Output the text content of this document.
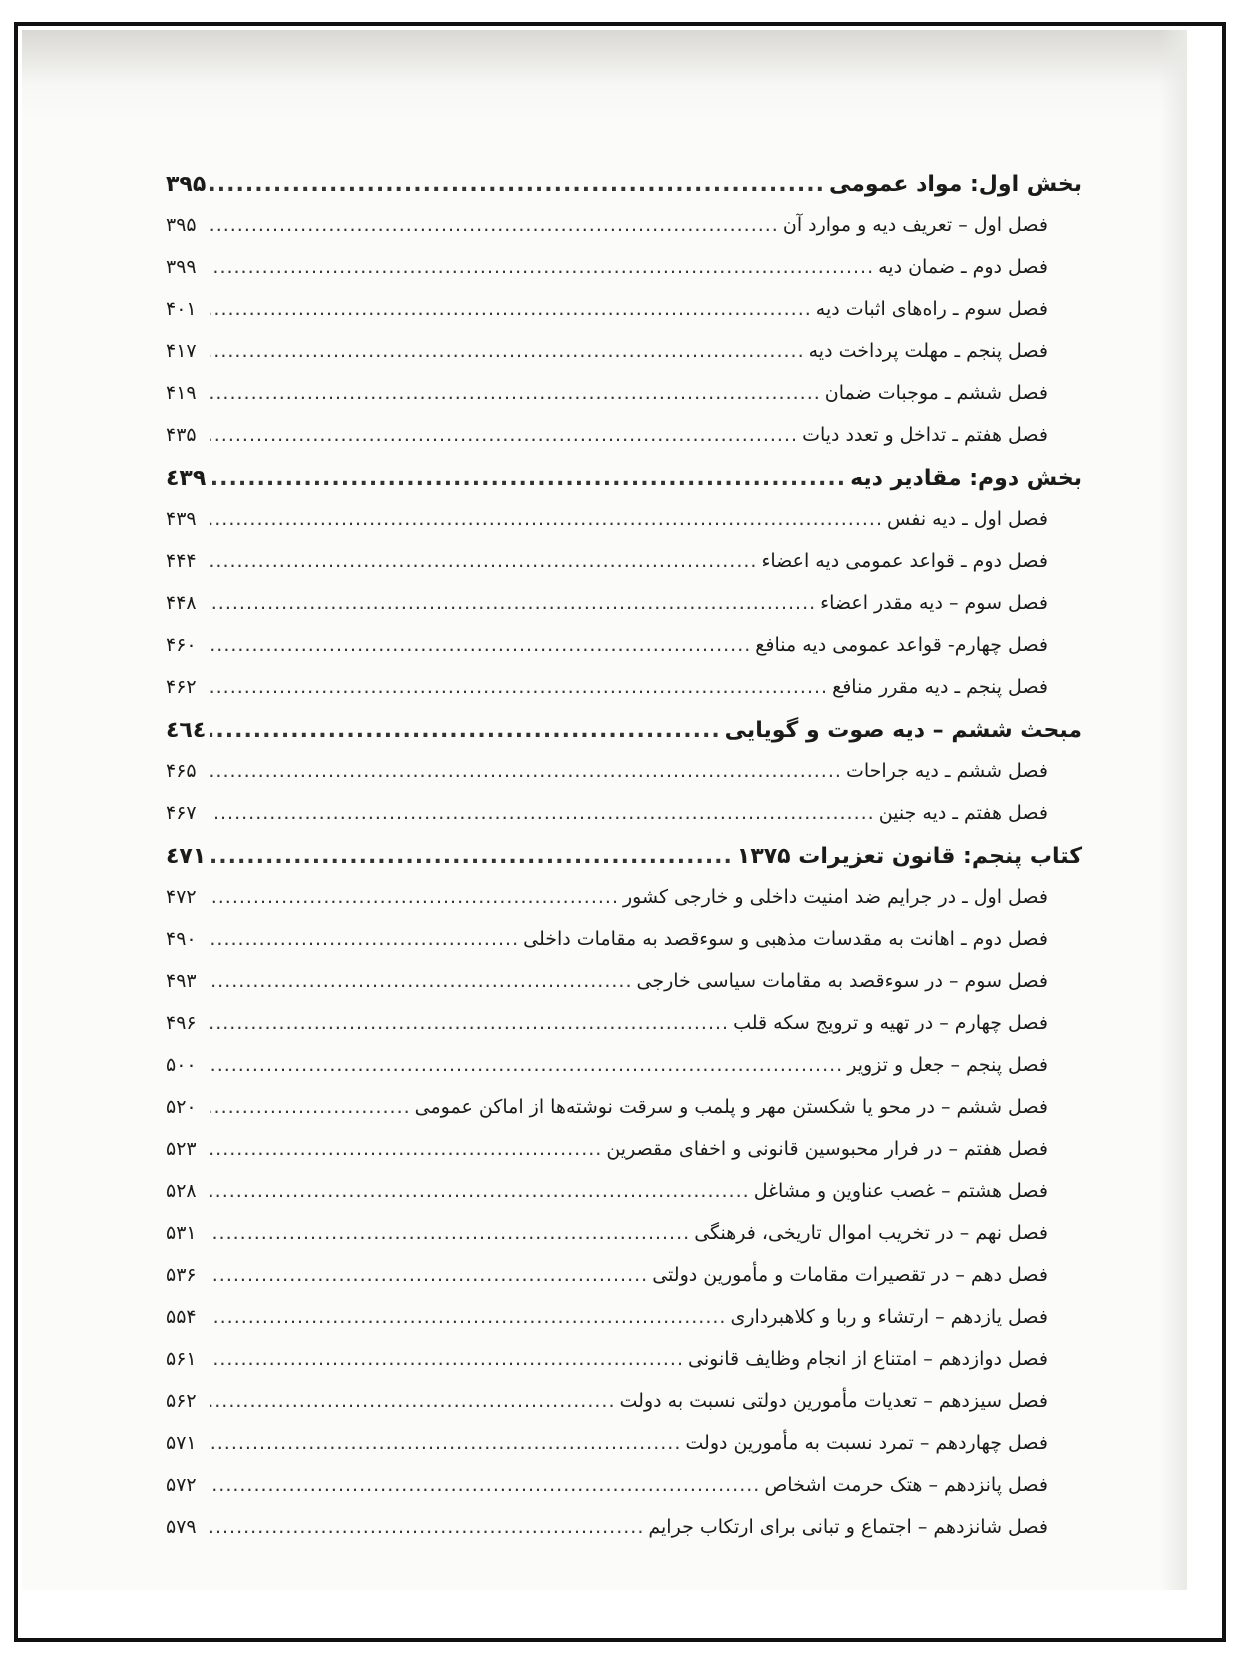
بخش اول: مواد عمومی
.....
۳۹۵
فصل اول – تعریف دیه و موارد آن
.....
۳۹۵
فصل دوم ـ ضمان دیه
.....
۳۹۹
فصل سوم ـ راه‌های اثبات دیه
.....
۴۰۱
فصل پنجم ـ مهلت پرداخت دیه
.....
۴۱۷
فصل ششم ـ موجبات ضمان
.....
۴۱۹
فصل هفتم ـ تداخل و تعدد دیات
.....
۴۳۵
بخش دوم: مقادیر دیه
.....
٤٣٩
فصل اول ـ دیه نفس
.....
۴۳۹
فصل دوم ـ قواعد عمومی دیه اعضاء
.....
۴۴۴
فصل سوم – دیه مقدر اعضاء
.....
۴۴۸
فصل چهارم- قواعد عمومی دیه منافع
.....
۴۶۰
فصل پنجم ـ دیه مقرر منافع
.....
۴۶۲
مبحث ششم – دیه صوت و گویایی
.....
٤٦٤
فصل ششم ـ دیه جراحات
.....
۴۶۵
فصل هفتم ـ دیه جنین
.....
۴۶۷
کتاب پنجم: قانون تعزیرات ۱۳۷۵
.....
٤٧١
فصل اول ـ در جرایم ضد امنیت داخلی و خارجی کشور
.....
۴۷۲
فصل دوم ـ اهانت به مقدسات مذهبی و سوءقصد به مقامات داخلی
.....
۴۹۰
فصل سوم – در سوءقصد به مقامات سیاسی خارجی
.....
۴۹۳
فصل چهارم – در تهیه و ترویج سکه قلب
.....
۴۹۶
فصل پنجم – جعل و تزویر
.....
۵۰۰
فصل ششم – در محو یا شکستن مهر و پلمب و سرقت نوشته‌ها از اماکن عمومی
.....
۵۲۰
فصل هفتم – در فرار محبوسین قانونی و اخفای مقصرین
.....
۵۲۳
فصل هشتم – غصب عناوین و مشاغل
.....
۵۲۸
فصل نهم – در تخریب اموال تاریخی، فرهنگی
.....
۵۳۱
فصل دهم – در تقصیرات مقامات و مأمورین دولتی
.....
۵۳۶
فصل یازدهم – ارتشاء و ربا و کلاهبرداری
.....
۵۵۴
فصل دوازدهم – امتناع از انجام وظایف قانونی
.....
۵۶۱
فصل سیزدهم – تعدیات مأمورین دولتی نسبت به دولت
.....
۵۶۲
فصل چهاردهم – تمرد نسبت به مأمورین دولت
.....
۵۷۱
فصل پانزدهم – هتک حرمت اشخاص
.....
۵۷۲
فصل شانزدهم – اجتماع و تبانی برای ارتکاب جرایم
.....
۵۷۹
